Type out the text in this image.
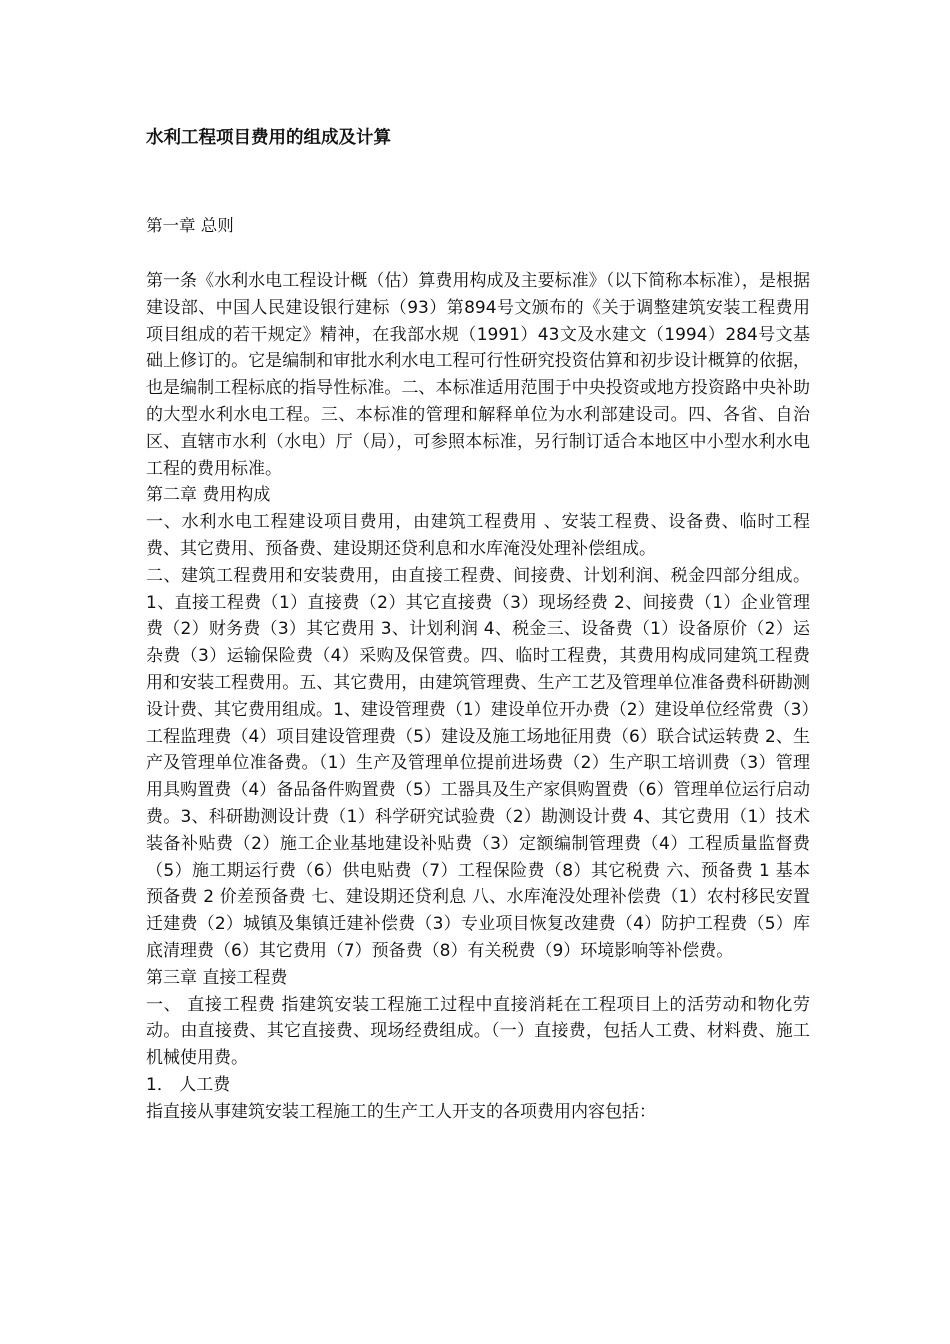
水利工程项目费用的组成及计算

第一章 总则

第一条《水利水电工程设计概（估）算费用构成及主要标准》（以下简称本标准），是根据建设部、中国人民建设银行建标（93）第894号文颁布的《关于调整建筑安装工程费用项目组成的若干规定》精神，在我部水规（1991）43文及水建文（1994）284号文基础上修订的。它是编制和审批水利水电工程可行性研究投资估算和初步设计概算的依据，也是编制工程标底的指导性标准。二、本标准适用范围于中央投资或地方投资路中央补助的大型水利水电工程。三、本标准的管理和解释单位为水利部建设司。四、各省、自治区、直辖市水利（水电）厅（局），可参照本标准，另行制订适合本地区中小型水利水电工程的费用标准。

第二章 费用构成

一、水利水电工程建设项目费用，由建筑工程费用 、安装工程费、设备费、临时工程费、其它费用、预备费、建设期还贷利息和水库淹没处理补偿组成。

二、建筑工程费用和安装费用，由直接工程费、间接费、计划利润、税金四部分组成。1、直接工程费（1）直接费（2）其它直接费（3）现场经费 2、间接费（1）企业管理费（2）财务费（3）其它费用 3、计划利润 4、税金三、设备费（1）设备原价（2）运杂费（3）运输保险费（4）采购及保管费。四、临时工程费，其费用构成同建筑工程费用和安装工程费用。五、其它费用，由建筑管理费、生产工艺及管理单位准备费科研勘测设计费、其它费用组成。1、建设管理费（1）建设单位开办费（2）建设单位经常费（3）工程监理费（4）项目建设管理费（5）建设及施工场地征用费（6）联合试运转费 2、生产及管理单位准备费。（1）生产及管理单位提前进场费（2）生产职工培训费（3）管理用具购置费（4）备品备件购置费（5）工器具及生产家俱购置费（6）管理单位运行启动费。3、科研勘测设计费（1）科学研究试验费（2）勘测设计费 4、其它费用（1）技术装备补贴费（2）施工企业基地建设补贴费（3）定额编制管理费（4）工程质量监督费（5）施工期运行费（6）供电贴费（7）工程保险费（8）其它税费 六、预备费 1 基本预备费 2 价差预备费 七、建设期还贷利息 八、水库淹没处理补偿费（1）农村移民安置迁建费（2）城镇及集镇迁建补偿费（3）专业项目恢复改建费（4）防护工程费（5）库底清理费（6）其它费用（7）预备费（8）有关税费（9）环境影响等补偿费。

第三章 直接工程费

一、 直接工程费 指建筑安装工程施工过程中直接消耗在工程项目上的活劳动和物化劳动。由直接费、其它直接费、现场经费组成。（一）直接费，包括人工费、材料费、施工机械使用费。

1． 人工费

指直接从事建筑安装工程施工的生产工人开支的各项费用内容包括：
